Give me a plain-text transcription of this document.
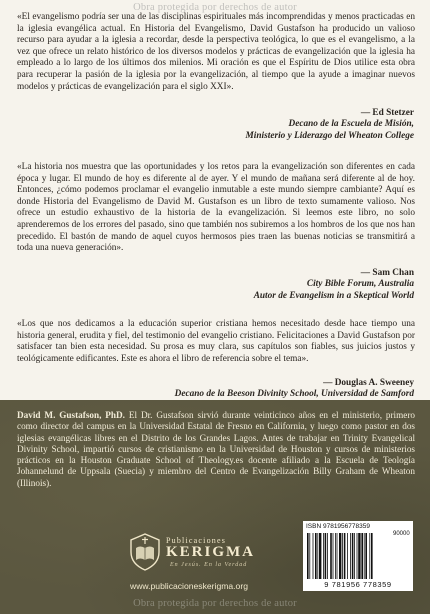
Obra protegida por derechos de autor

«El evangelismo podría ser una de las disciplinas espirituales más incomprendidas y menos practicadas en la iglesia evangélica actual. En Historia del Evangelismo, David Gustafson ha producido un valioso recurso para ayudar a la iglesia a recordar, desde la perspectiva teológica, lo que es el evangelismo, a la vez que ofrece un relato histórico de los diversos modelos y prácticas de evangelización que la iglesia ha empleado a lo largo de los últimos dos milenios. Mi oración es que el Espíritu de Dios utilice esta obra para recuperar la pasión de la iglesia por la evangelización, al tiempo que la ayude a imaginar nuevos modelos y prácticas de evangelización para el siglo XXI».

— Ed Stetzer
Decano de la Escuela de Misión,
Ministerio y Liderazgo del Wheaton College

«La historia nos muestra que las oportunidades y los retos para la evangelización son diferentes en cada época y lugar. El mundo de hoy es diferente al de ayer. Y el mundo de mañana será diferente al de hoy. Entonces, ¿cómo podemos proclamar el evangelio inmutable a este mundo siempre cambiante? Aquí es donde Historia del Evangelismo de David M. Gustafson es un libro de texto sumamente valioso. Nos ofrece un estudio exhaustivo de la historia de la evangelización. Si leemos este libro, no solo aprenderemos de los errores del pasado, sino que también nos subiremos a los hombros de los que nos han precedido. El bastón de mando de aquel cuyos hermosos pies traen las buenas noticias se transmitirá a toda una nueva generación».

— Sam Chan
City Bible Forum, Australia
Autor de Evangelism in a Skeptical World

«Los que nos dedicamos a la educación superior cristiana hemos necesitado desde hace tiempo una historia general, erudita y fiel, del testimonio del evangelio cristiano. Felicitaciones a David Gustafson por satisfacer tan bien esta necesidad. Su prosa es muy clara, sus capítulos son fiables, sus juicios justos y teológicamente edificantes. Este es ahora el libro de referencia sobre el tema».

— Douglas A. Sweeney
Decano de la Beeson Divinity School, Universidad de Samford

David M. Gustafson, PhD. El Dr. Gustafson sirvió durante veinticinco años en el ministerio, primero como director del campus en la Universidad Estatal de Fresno en California, y luego como pastor en dos iglesias evangélicas libres en el Distrito de los Grandes Lagos. Antes de trabajar en Trinity Evangelical Divinity School, impartió cursos de cristianismo en la Universidad de Houston y cursos de ministerios prácticos en la Houston Graduate School of Theology.es docente afiliado a la Escuela de Teología Johannelund de Uppsala (Suecia) y miembro del Centro de Evangelización Billy Graham de Wheaton (Illinois).

Publicaciones
KERIGMA
En Jesús. En la Verdad
www.publicacioneskerigma.org
ISBN 9781956778359
90000
9 781956 778359
Obra protegida por derechos de autor
